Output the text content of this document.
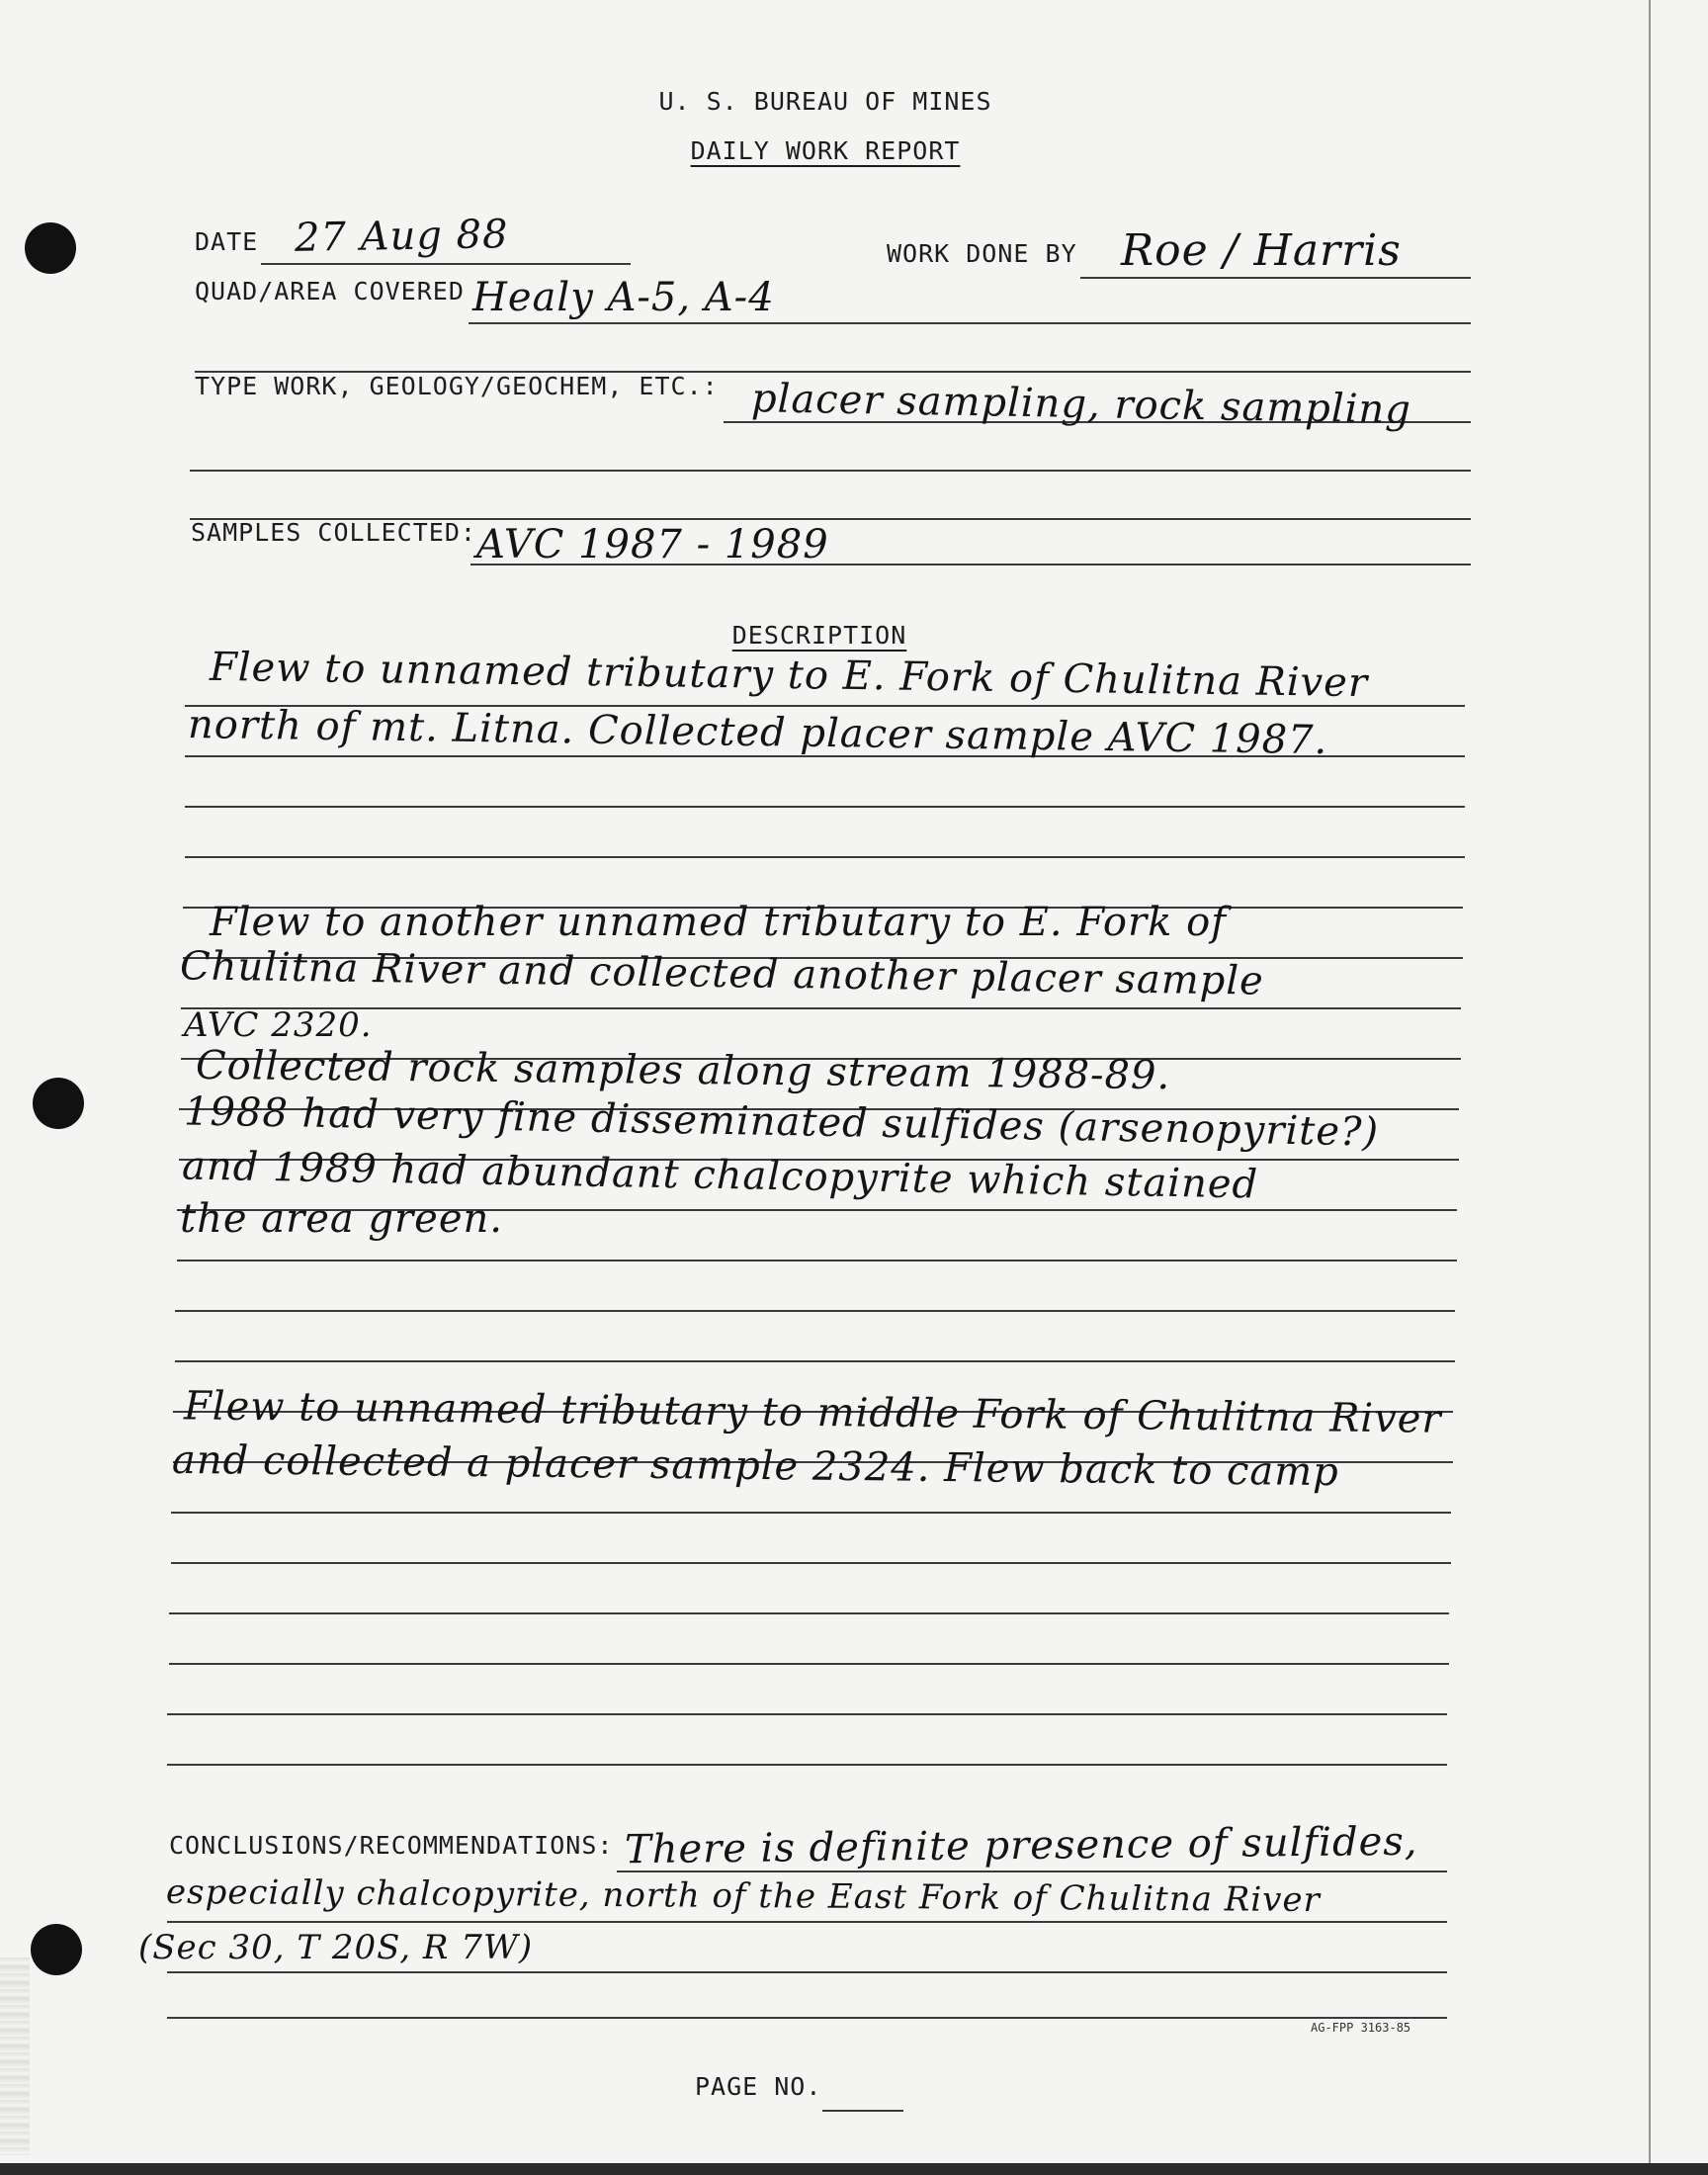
U. S. BUREAU OF MINES
DAILY WORK REPORT
DATE 27 Aug 88	WORK DONE BY Roe / Harris
QUAD/AREA COVERED Healy A-5, A-4
TYPE WORK, GEOLOGY/GEOCHEM, ETC.: placer sampling, rock sampling
SAMPLES COLLECTED: AVC 1987 - 1989
DESCRIPTION
Flew to unnamed tributary to E. Fork of Chulitna River
north of mt. Litna. Collected placer sample AVC 1987.
Flew to another unnamed tributary to E. Fork of
Chulitna River and collected another placer sample
AVC 2320.
Collected rock samples along stream 1988-89.
1988 had very fine disseminated sulfides (arsenopyrite?)
and 1989 had abundant chalcopyrite which stained
the area green.
Flew to unnamed tributary to middle Fork of Chulitna River
and collected a placer sample 2324. Flew back to camp
CONCLUSIONS/RECOMMENDATIONS: There is definite presence of sulfides,
especially chalcopyrite, north of the East Fork of Chulitna River
(Sec 30, T 20S, R 7W)
AG-FPP 3163-85
PAGE NO.
